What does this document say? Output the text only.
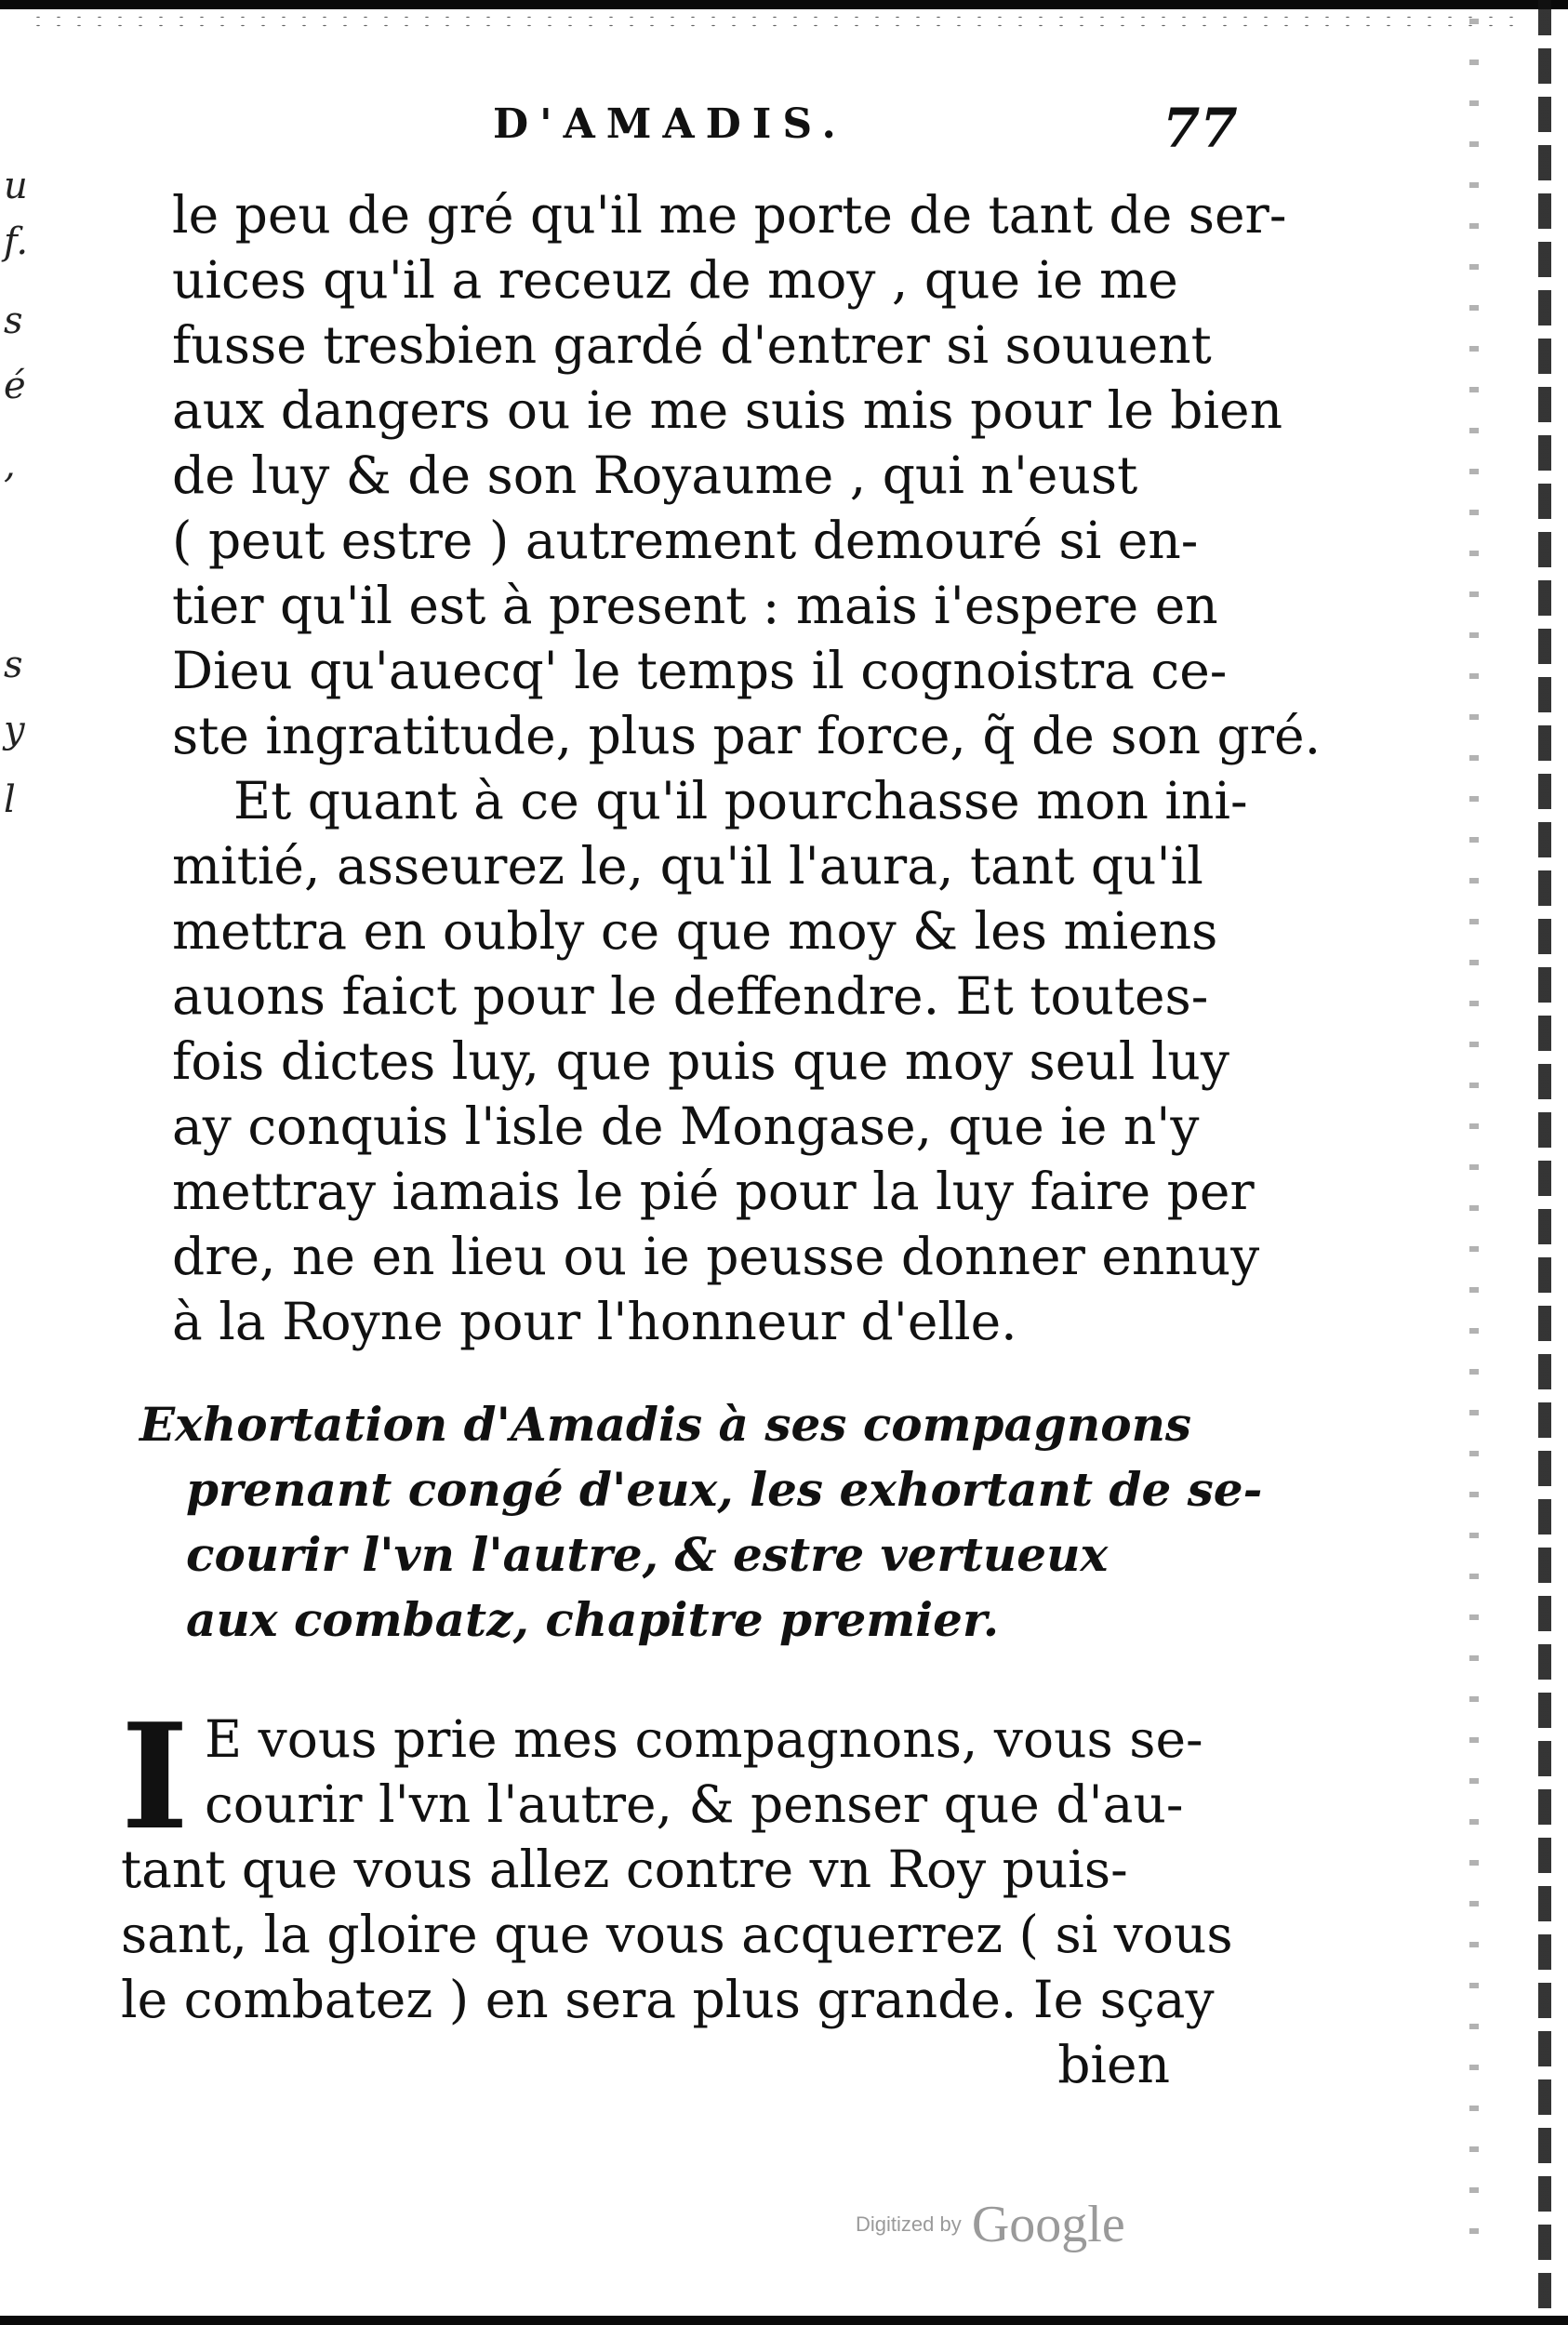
u
f.
s
é
,
s
y
l
D'AMADIS.	77
le peu de gré qu'il me porte de tant de ser-
uices qu'il a receuz de moy , que ie me
fusse tresbien gardé d'entrer si souuent
aux dangers ou ie me suis mis pour le bien
de luy & de son Royaume , qui n'eust
( peut estre ) autrement demouré si en-
tier qu'il est à present : mais i'espere en
Dieu qu'auecq' le temps il cognoistra ce-
ste ingratitude, plus par force, q̃ de son gré.
Et quant à ce qu'il pourchasse mon ini-
mitié, asseurez le, qu'il l'aura, tant qu'il
mettra en oubly ce que moy & les miens
auons faict pour le deffendre. Et toutes-
fois dictes luy, que puis que moy seul luy
ay conquis l'isle de Mongase, que ie n'y
mettray iamais le pié pour la luy faire per
dre, ne en lieu ou ie peusse donner ennuy
à la Royne pour l'honneur d'elle.
Exhortation d'Amadis à ses compagnons
prenant congé d'eux, les exhortant de se-
courir l'vn l'autre, & estre vertueux
aux combatz, chapitre premier.
I E vous prie mes compagnons, vous se-
courir l'vn l'autre, & penser que d'au-
tant que vous allez contre vn Roy puis-
sant, la gloire que vous acquerrez ( si vous
le combatez ) en sera plus grande. Ie sçay
bien
Digitized by Google
